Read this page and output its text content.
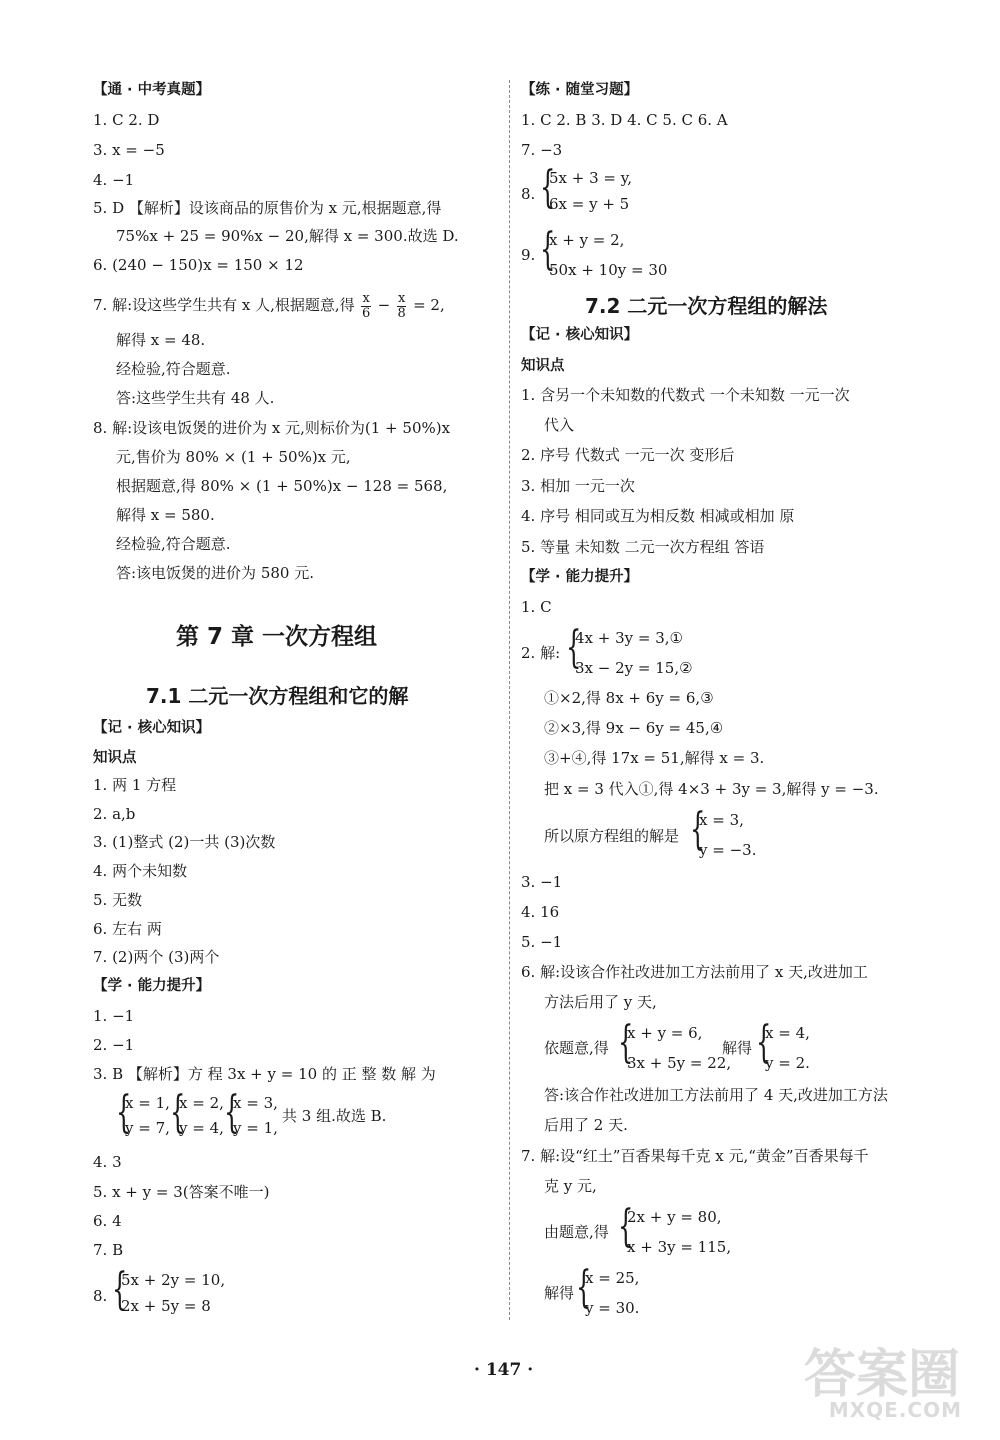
【通 · 中考真题】
1. C 2. D
3. x = −5
4. −1
5. D 【解析】设该商品的原售价为 x 元,根据题意,得
75%x + 25 = 90%x − 20,解得 x = 300.故选 D.
6. (240 − 150)x = 150 × 12
7. 解:设这些学生共有 x 人,根据题意,得 $\frac{x}{6} - \frac{x}{8} = 2$,
解得 x = 48.
经检验,符合题意.
答:这些学生共有 48 人.
8. 解:设该电饭煲的进价为 x 元,则标价为(1 + 50%)x
元,售价为 80% × (1 + 50%)x 元,
根据题意,得 80% × (1 + 50%)x − 128 = 568,
解得 x = 580.
经检验,符合题意.
答:该电饭煲的进价为 580 元.
第 7 章 一次方程组
7.1 二元一次方程组和它的解
【记 · 核心知识】
知识点
1. 两 1 方程
2. a,b
3. (1)整式 (2)一共 (3)次数
4. 两个未知数
5. 无数
6. 左右 两
7. (2)两个 (3)两个
【学 · 能力提升】
1. −1
2. −1
3. B 【解析】方 程 3x + y = 10 的 正 整 数 解 为
{
x = 1,
y = 7, {
x = 2,
y = 4, {
x = 3,
y = 1,
共 3 组.故选 B.
4. 3
5. x + y = 3(答案不唯一)
6. 4
7. B
8. {
5x + 2y = 10,
2x + 5y = 8
【练 · 随堂习题】
1. C 2. B 3. D 4. C 5. C 6. A
7. −3
8. {
5x + 3 = y,
6x = y + 5
9. {
x + y = 2,
50x + 10y = 30
7.2 二元一次方程组的解法
【记 · 核心知识】
知识点
1. 含另一个未知数的代数式 一个未知数 一元一次
代入
2. 序号 代数式 一元一次 变形后
3. 相加 一元一次
4. 序号 相同或互为相反数 相减或相加 原
5. 等量 未知数 二元一次方程组 答语
【学 · 能力提升】
1. C
2. 解: {
4x + 3y = 3,①
3x − 2y = 15,②
①×2,得 8x + 6y = 6,③
②×3,得 9x − 6y = 45,④
③+④,得 17x = 51,解得 x = 3.
把 x = 3 代入①,得 4×3 + 3y = 3,解得 y = −3.
所以原方程组的解是 {
x = 3,
y = −3.
3. −1
4. 16
5. −1
6. 解:设该合作社改进加工方法前用了 x 天,改进加工
方法后用了 y 天,
依题意,得 {
x + y = 6,
3x + 5y = 22,
解得 {
x = 4,
y = 2.
答:该合作社改进加工方法前用了 4 天,改进加工方法
后用了 2 天.
7. 解:设“红土”百香果每千克 x 元,“黄金”百香果每千
克 y 元,
由题意,得 {
2x + y = 80,
x + 3y = 115,
解得 {
x = 25,
y = 30.
· 147 ·	答案圈
MXQE.COM
